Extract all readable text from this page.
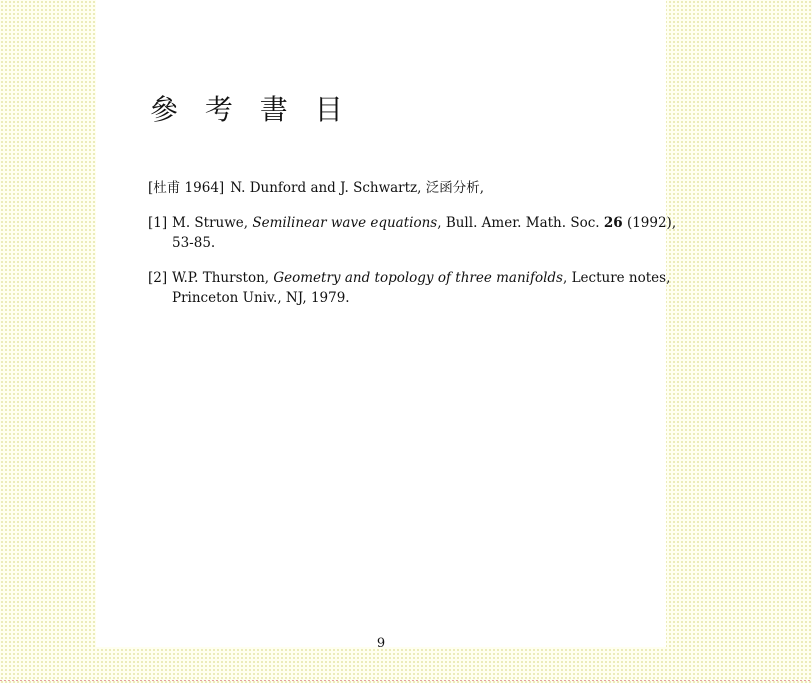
參 考 書 目
[杜甫 1964] N. Dunford and J. Schwartz, 泛函分析,
[1] M. Struwe, Semilinear wave equations, Bull. Amer. Math. Soc. 26 (1992),
53-85.
[2] W.P. Thurston, Geometry and topology of three manifolds, Lecture notes,
Princeton Univ., NJ, 1979.
9
